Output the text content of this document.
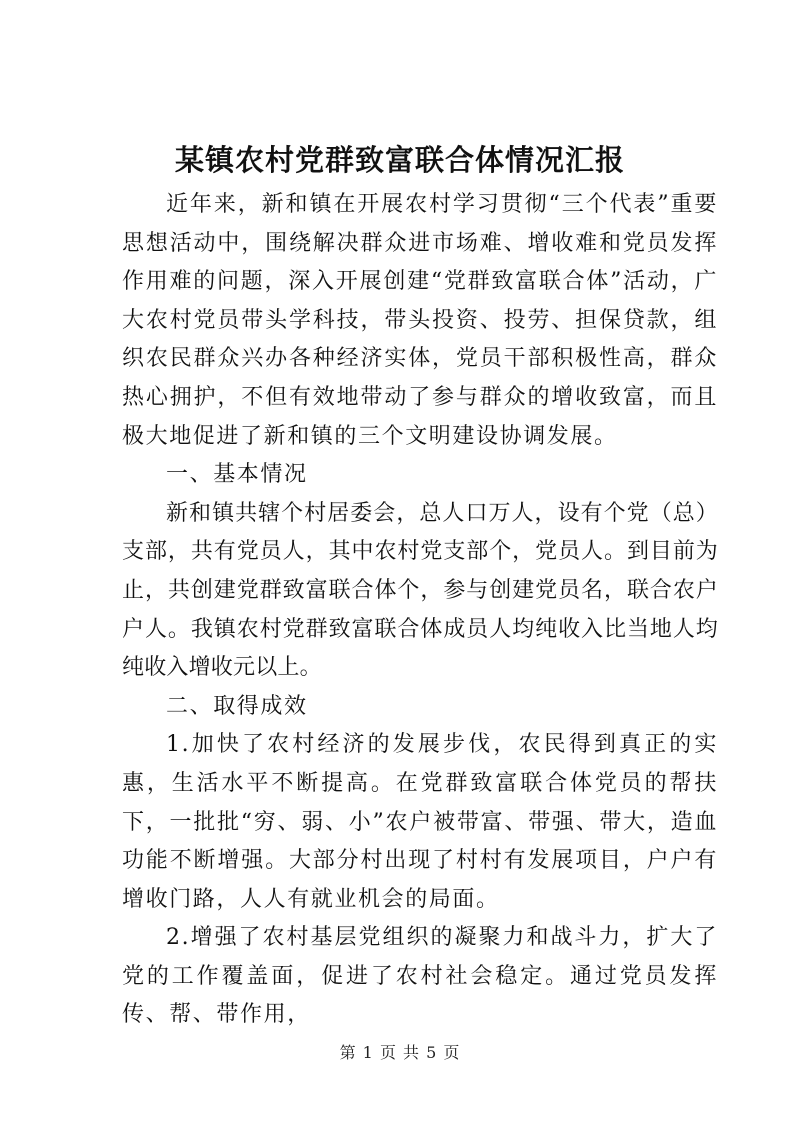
某镇农村党群致富联合体情况汇报

近年来，新和镇在开展农村学习贯彻“三个代表”重要思想活动中，围绕解决群众进市场难、增收难和党员发挥作用难的问题，深入开展创建“党群致富联合体”活动，广大农村党员带头学科技，带头投资、投劳、担保贷款，组织农民群众兴办各种经济实体，党员干部积极性高，群众热心拥护，不但有效地带动了参与群众的增收致富，而且极大地促进了新和镇的三个文明建设协调发展。

一、基本情况

新和镇共辖个村居委会，总人口万人，设有个党（总）支部，共有党员人，其中农村党支部个，党员人。到目前为止，共创建党群致富联合体个，参与创建党员名，联合农户户人。我镇农村党群致富联合体成员人均纯收入比当地人均纯收入增收元以上。

二、取得成效

1.加快了农村经济的发展步伐，农民得到真正的实惠，生活水平不断提高。在党群致富联合体党员的帮扶下，一批批“穷、弱、小”农户被带富、带强、带大，造血功能不断增强。大部分村出现了村村有发展项目，户户有增收门路，人人有就业机会的局面。

2.增强了农村基层党组织的凝聚力和战斗力，扩大了党的工作覆盖面，促进了农村社会稳定。通过党员发挥传、帮、带作用，

第 1 页 共 5 页
